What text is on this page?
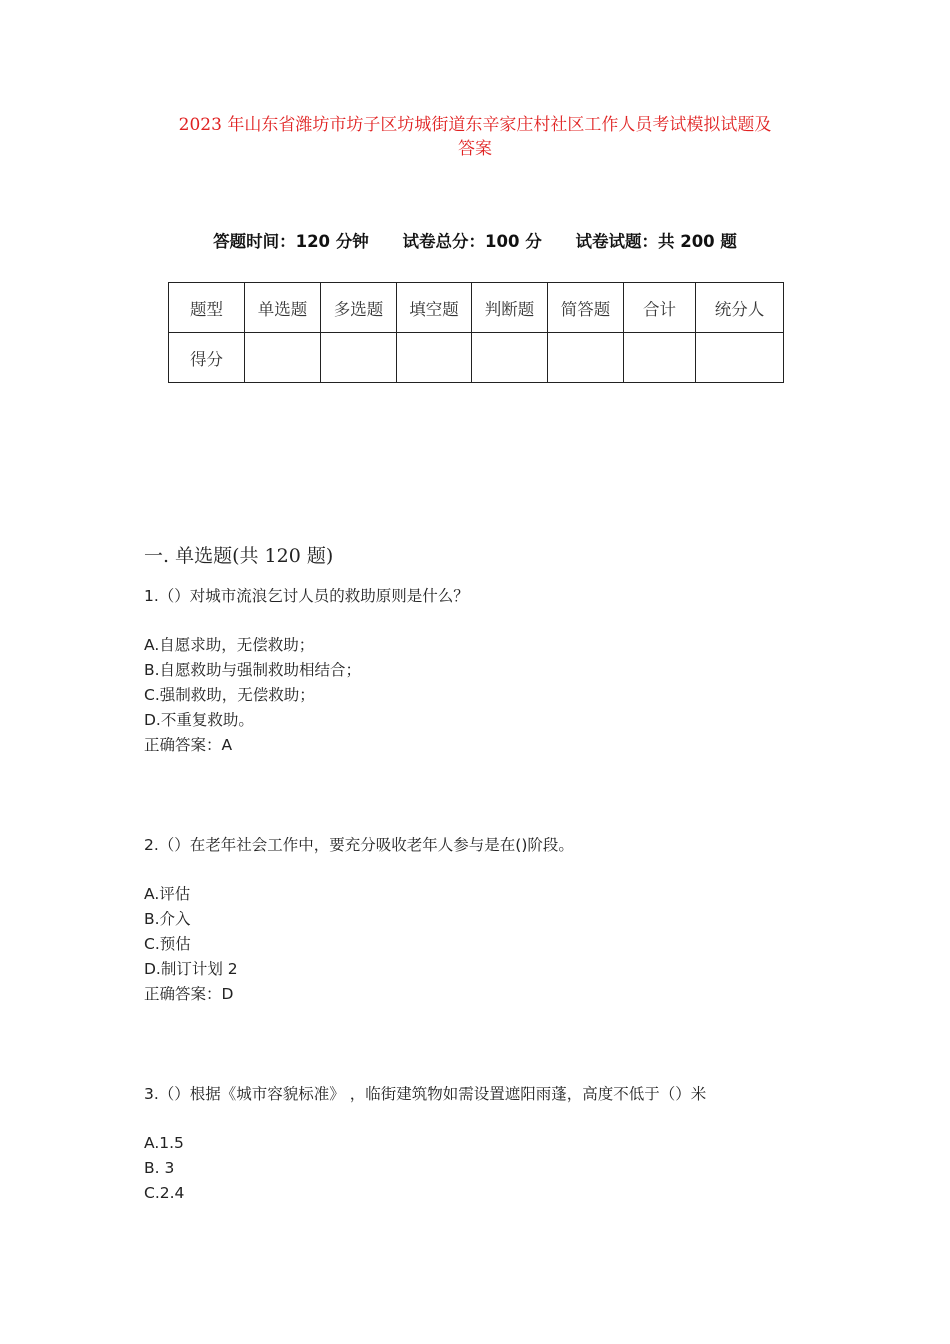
2023 年山东省潍坊市坊子区坊城街道东辛家庄村社区工作人员考试模拟试题及
答案
答题时间：120 分钟 试卷总分：100 分 试卷试题：共 200 题
题型	单选题	多选题	填空题	判断题	简答题	合计	统分人
得分							
一. 单选题(共 120 题)
1.（）对城市流浪乞讨人员的救助原则是什么？
A.自愿求助，无偿救助；
B.自愿救助与强制救助相结合；
C.强制救助，无偿救助；
D.不重复救助。
正确答案：A
2.（）在老年社会工作中，要充分吸收老年人参与是在()阶段。
A.评估
B.介入
C.预估
D.制订计划 2
正确答案：D
3.（）根据《城市容貌标准》 ，临街建筑物如需设置遮阳雨蓬，高度不低于（）米
A.1.5
B. 3
C.2.4
